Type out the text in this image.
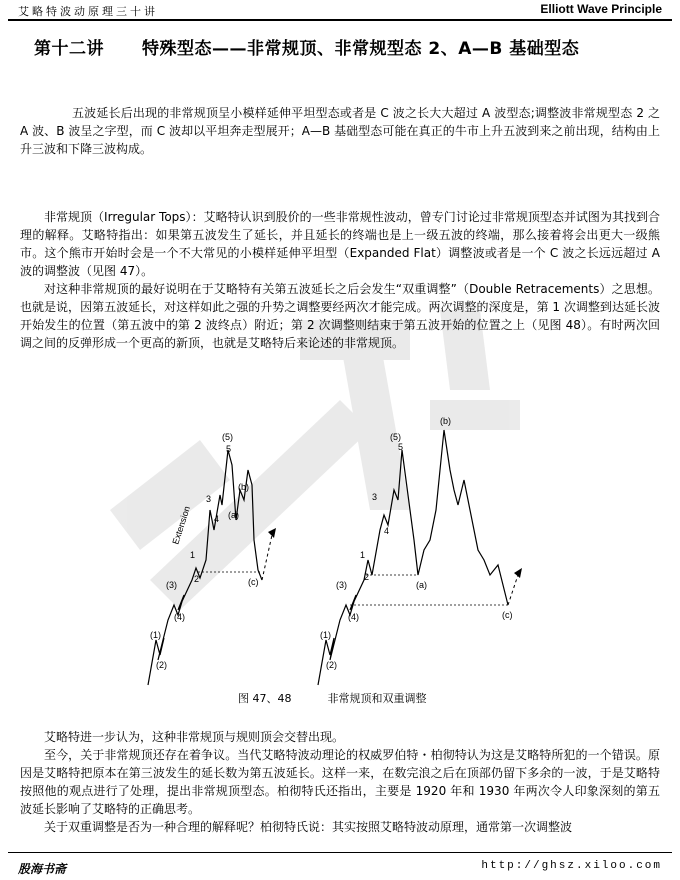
艾略特波动原理三十讲	Elliott Wave Principle
第十二讲 特殊型态——非常规顶、非常规型态 2、A—B 基础型态

五波延长后出现的非常规顶呈小模样延伸平坦型态或者是 C 波之长大大超过 A 波型态;调整波非常规型态 2 之 A 波、B 波呈之字型，而 C 波却以平坦奔走型展开；A—B 基础型态可能在真正的牛市上升五波到来之前出现，结构由上升三波和下降三波构成。

非常规顶（Irregular Tops）：艾略特认识到股价的一些非常规性波动，曾专门讨论过非常规顶型态并试图为其找到合理的解释。艾略特指出：如果第五波发生了延长，并且延长的终端也是上一级五波的终端，那么接着将会出更大一级熊市。这个熊市开始时会是一个不大常见的小模样延伸平坦型（Expanded Flat）调整波或者是一个 C 波之长远远超过 A 波的调整波（见图 47）。
对这种非常规顶的最好说明在于艾略特有关第五波延长之后会发生“双重调整”（Double Retracements）之思想。也就是说，因第五波延长，对这样如此之强的升势之调整要经两次才能完成。两次调整的深度是，第 1 次调整到达延长波开始发生的位置（第五波中的第 2 波终点）附近；第 2 次调整则结束于第五波开始的位置之上（见图 48）。有时两次回调之间的反弹形成一个更高的新顶，也就是艾略特后来论述的非常规顶。
(1)
(2)
(3)
(4)
(5)
1
2
3
4
5
(a)
(b)
(c)
Extension
(1)
(2)
(3)
(4)
(5)
1
2
3
4
5
(a)
(b)
(c)
图 47、48	非常规顶和双重调整
艾略特进一步认为，这种非常规顶与规则顶会交替出现。
至今，关于非常规顶还存在着争议。当代艾略特波动理论的权威罗伯特・柏彻特认为这是艾略特所犯的一个错误。原因是艾略特把原本在第三波发生的延长数为第五波延长。这样一来，在数完浪之后在顶部仍留下多余的一波，于是艾略特按照他的观点进行了处理，提出非常规顶型态。柏彻特氏还指出，主要是 1920 年和 1930 年两次令人印象深刻的第五波延长影响了艾略特的正确思考。
关于双重调整是否为一种合理的解释呢？柏彻特氏说：其实按照艾略特波动原理，通常第一次调整波
股海书斋	http://ghsz.xiloo.com
